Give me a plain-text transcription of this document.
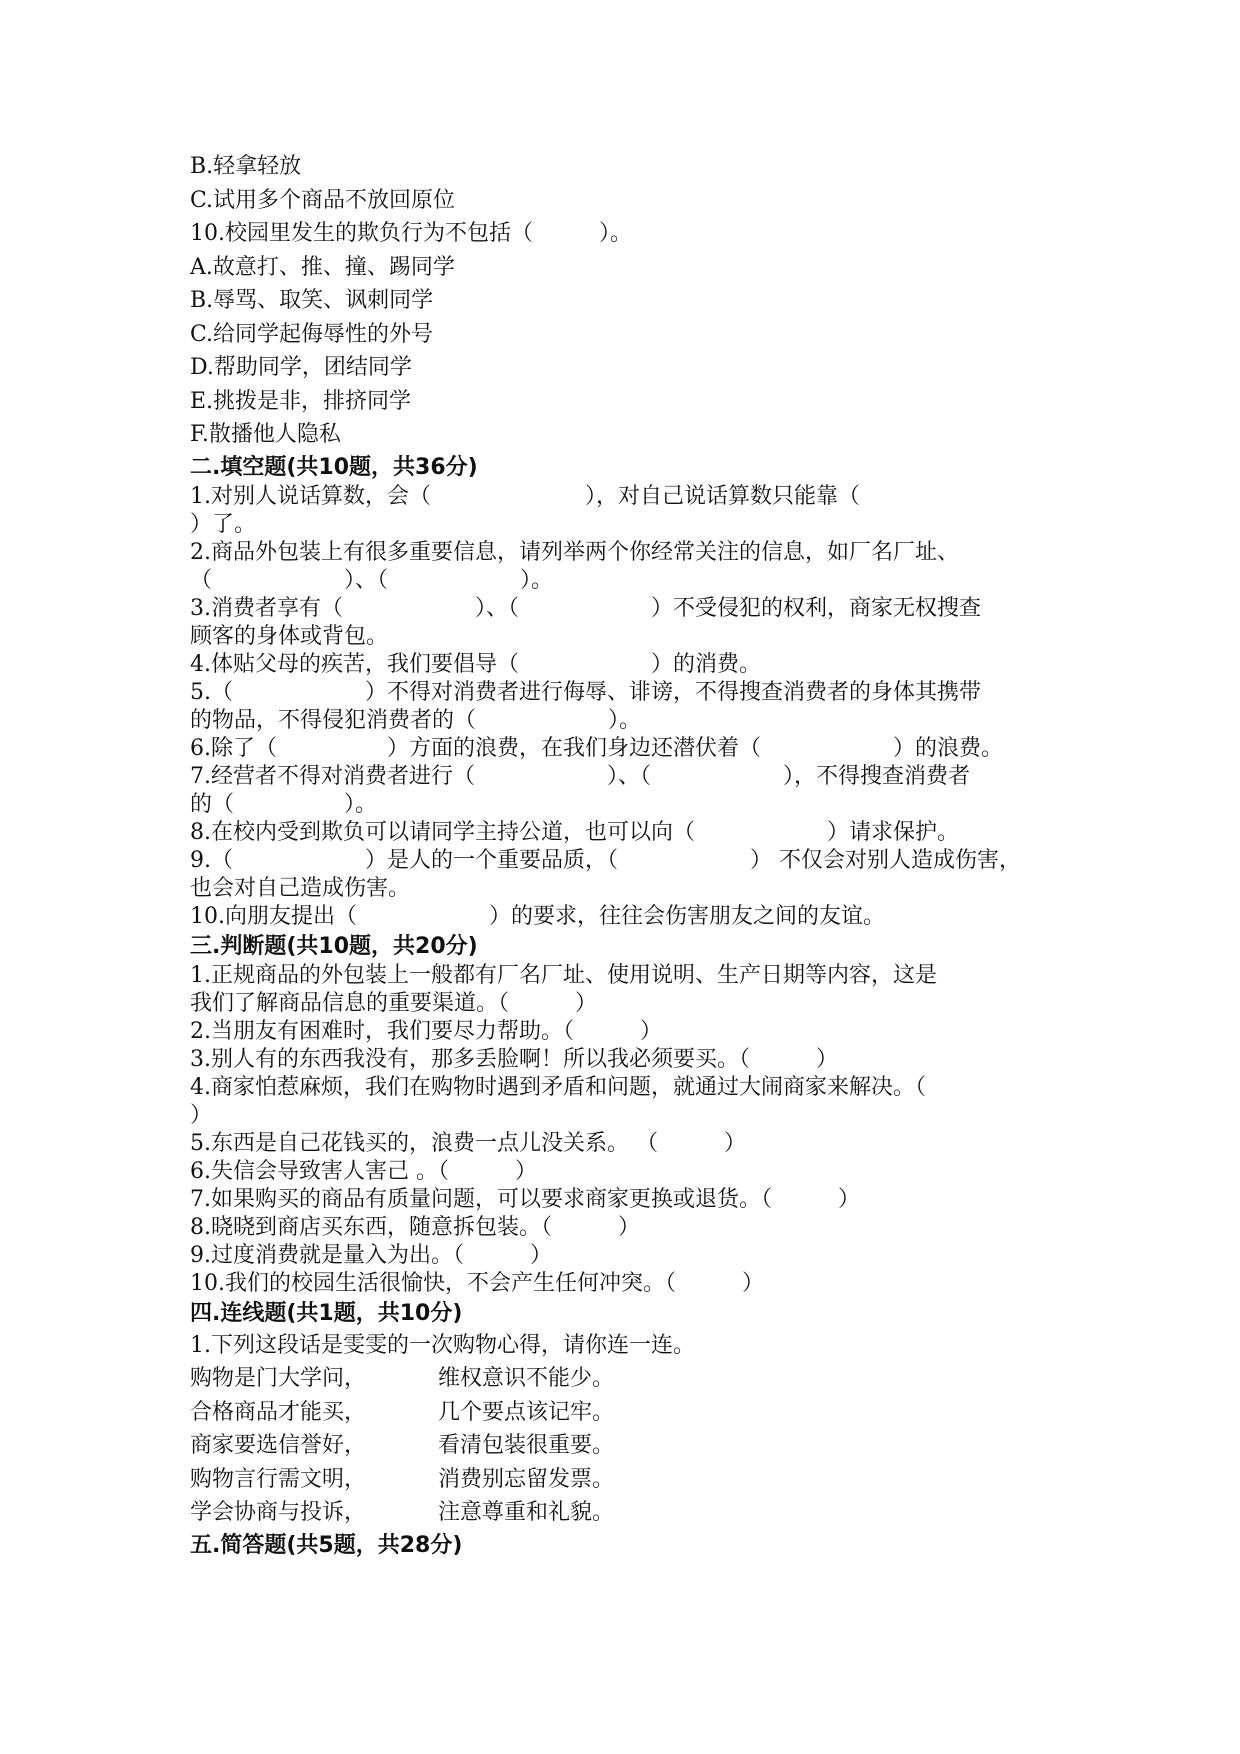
B.轻拿轻放

C.试用多个商品不放回原位

10.校园里发生的欺负行为不包括（　　　）。

A.故意打、推、撞、踢同学

B.辱骂、取笑、讽刺同学

C.给同学起侮辱性的外号

D.帮助同学，团结同学

E.挑拨是非，排挤同学

F.散播他人隐私

二.填空题(共10题，共36分)

1.对别人说话算数，会（　　　　　　　），对自己说话算数只能靠（

）了。

2.商品外包装上有很多重要信息，请列举两个你经常关注的信息，如厂名厂址、

（　　　　　　）、（　　　　　　）。

3.消费者享有（　　　　　　）、（　　　　　　）不受侵犯的权利，商家无权搜查

顾客的身体或背包。

4.体贴父母的疾苦，我们要倡导（　　　　　　）的消费。

5.（　　　　　　）不得对消费者进行侮辱、诽谤，不得搜查消费者的身体其携带

的物品，不得侵犯消费者的（　　　　　　）。

6.除了（　　　　　）方面的浪费，在我们身边还潜伏着（　　　　　　）的浪费。

7.经营者不得对消费者进行（　　　　　　）、（　　　　　　），不得搜查消费者

的（　　　　　）。

8.在校内受到欺负可以请同学主持公道，也可以向（　　　　　　）请求保护。

9.（　　　　　　）是人的一个重要品质，（　　　　　　） 不仅会对别人造成伤害，

也会对自己造成伤害。

10.向朋友提出（　　　　　　）的要求，往往会伤害朋友之间的友谊。

三.判断题(共10题，共20分)

1.正规商品的外包装上一般都有厂名厂址、使用说明、生产日期等内容，这是

我们了解商品信息的重要渠道。（　　　）

2.当朋友有困难时，我们要尽力帮助。（　　　）

3.别人有的东西我没有，那多丢脸啊！所以我必须要买。（　　　）

4.商家怕惹麻烦，我们在购物时遇到矛盾和问题，就通过大闹商家来解决。（

）

5.东西是自己花钱买的，浪费一点儿没关系。 （　　　）

6.失信会导致害人害己 。（　　　）

7.如果购买的商品有质量问题，可以要求商家更换或退货。（　　　）

8.晓晓到商店买东西，随意拆包装。（　　　）

9.过度消费就是量入为出。（　　　）

10.我们的校园生活很愉快，不会产生任何冲突。（　　　）

四.连线题(共1题，共10分)

1.下列这段话是雯雯的一次购物心得，请你连一连。

购物是门大学问，	维权意识不能少。
合格商品才能买，	几个要点该记牢。
商家要选信誉好，	看清包装很重要。
购物言行需文明，	消费别忘留发票。
学会协商与投诉，	注意尊重和礼貌。

五.简答题(共5题，共28分)
